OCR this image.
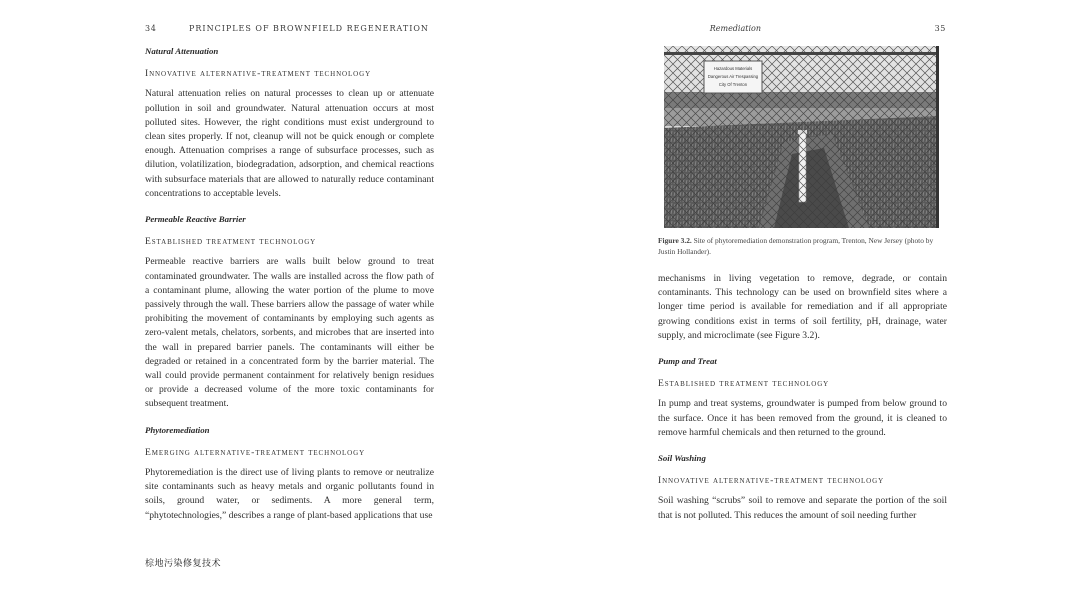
34	PRINCIPLES OF BROWNFIELD REGENERATION
Natural Attenuation
Innovative alternative-treatment technology

Natural attenuation relies on natural processes to clean up or attenuate pollution in soil and groundwater. Natural attenuation occurs at most polluted sites. However, the right conditions must exist underground to clean sites properly. If not, cleanup will not be quick enough or complete enough. Attenuation comprises a range of subsurface processes, such as dilution, volatilization, biodegradation, adsorption, and chemical reactions with subsurface materials that are allowed to naturally reduce contaminant concentrations to acceptable levels.

Permeable Reactive Barrier
Established treatment technology

Permeable reactive barriers are walls built below ground to treat contaminated groundwater. The walls are installed across the flow path of a contaminant plume, allowing the water portion of the plume to move passively through the wall. These barriers allow the passage of water while prohibiting the movement of contaminants by employing such agents as zero-valent metals, chelators, sorbents, and microbes that are inserted into the wall in prepared barrier panels. The contaminants will either be degraded or retained in a concentrated form by the barrier material. The wall could provide permanent containment for relatively benign residues or provide a decreased volume of the more toxic contaminants for subsequent treatment.

Phytoremediation
Emerging alternative-treatment technology

Phytoremediation is the direct use of living plants to remove or neutralize site contaminants such as heavy metals and organic pollutants found in soils, ground water, or sediments. A more general term, “phytotechnologies,” describes a range of plant-based applications that use

棕地污染修复技术
Remediation	35
Hazardous Materials
Dangerous Air Trespassing
City Of Trenton
Figure 3.2. Site of phytoremediation demonstration program, Trenton, New Jersey (photo by Justin Hollander).

mechanisms in living vegetation to remove, degrade, or contain contaminants. This technology can be used on brownfield sites where a longer time period is available for remediation and if all appropriate growing conditions exist in terms of soil fertility, pH, drainage, water supply, and microclimate (see Figure 3.2).

Pump and Treat
Established treatment technology

In pump and treat systems, groundwater is pumped from below ground to the surface. Once it has been removed from the ground, it is cleaned to remove harmful chemicals and then returned to the ground.

Soil Washing
Innovative alternative-treatment technology

Soil washing “scrubs” soil to remove and separate the portion of the soil that is not polluted. This reduces the amount of soil needing further
